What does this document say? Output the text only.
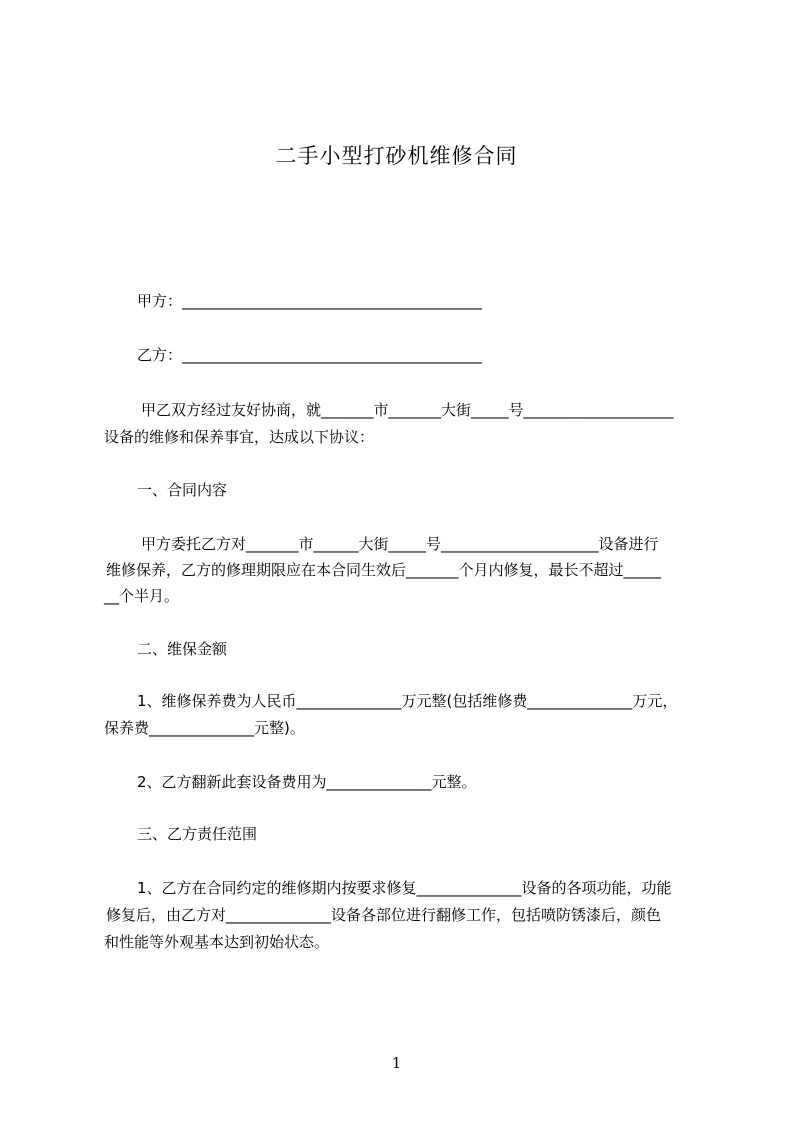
二手小型打砂机维修合同
甲方：________________________________________
乙方：________________________________________
甲乙双方经过友好协商，就_______市_______大街_____号____________________
设备的维修和保养事宜，达成以下协议：
一、合同内容
甲方委托乙方对_______市______大街_____号_____________________设备进行
维修保养，乙方的修理期限应在本合同生效后_______个月内修复，最长不超过_____
__个半月。
二、维保金额
1、维修保养费为人民币______________万元整(包括维修费______________万元，
保养费______________元整)。
2、乙方翻新此套设备费用为______________元整。
三、乙方责任范围
1、乙方在合同约定的维修期内按要求修复______________设备的各项功能，功能
修复后，由乙方对______________设备各部位进行翻修工作，包括喷防锈漆后，颜色
和性能等外观基本达到初始状态。
1
